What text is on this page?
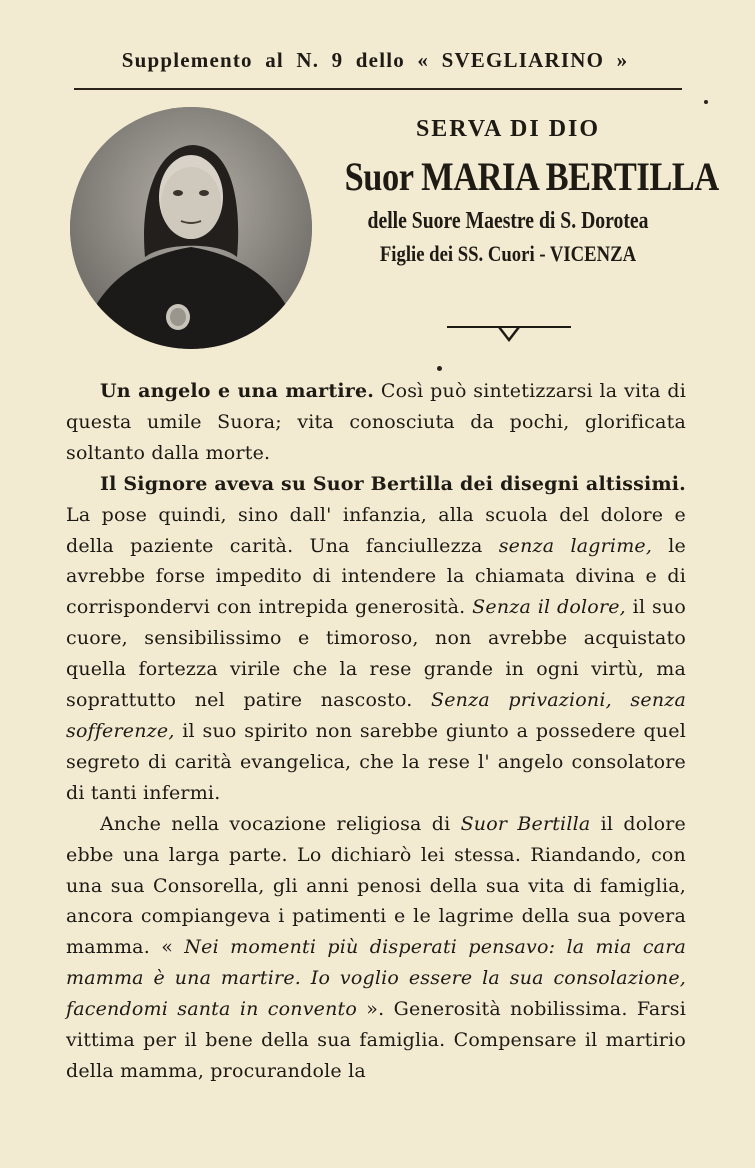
Supplemento al N. 9 dello « SVEGLIARINO »
SERVA DI DIO
Suor MARIA BERTILLA
delle Suore Maestre di S. Dorotea
Figlie dei SS. Cuori - VICENZA

Un angelo e una martire. Così può sintetizzarsi la vita di questa umile Suora; vita conosciuta da pochi, glorificata soltanto dalla morte.

Il Signore aveva su Suor Bertilla dei disegni altissimi. La pose quindi, sino dall' infanzia, alla scuola del dolore e della paziente carità. Una fanciullezza senza lagrime, le avrebbe forse impedito di intendere la chiamata divina e di corrispondervi con intrepida generosità. Senza il dolore, il suo cuore, sensibilissimo e timoroso, non avrebbe acquistato quella fortezza virile che la rese grande in ogni virtù, ma soprattutto nel patire nascosto. Senza privazioni, senza sofferenze, il suo spirito non sarebbe giunto a possedere quel segreto di carità evangelica, che la rese l' angelo consolatore di tanti infermi.

Anche nella vocazione religiosa di Suor Bertilla il dolore ebbe una larga parte. Lo dichiarò lei stessa. Riandando, con una sua Consorella, gli anni penosi della sua vita di famiglia, ancora compiangeva i patimenti e le lagrime della sua povera mamma. « Nei momenti più disperati pensavo: la mia cara mamma è una martire. Io voglio essere la sua consolazione, facendomi santa in convento ». Generosità nobilissima. Farsi vittima per il bene della sua famiglia. Compensare il martirio della mamma, procurandole la
